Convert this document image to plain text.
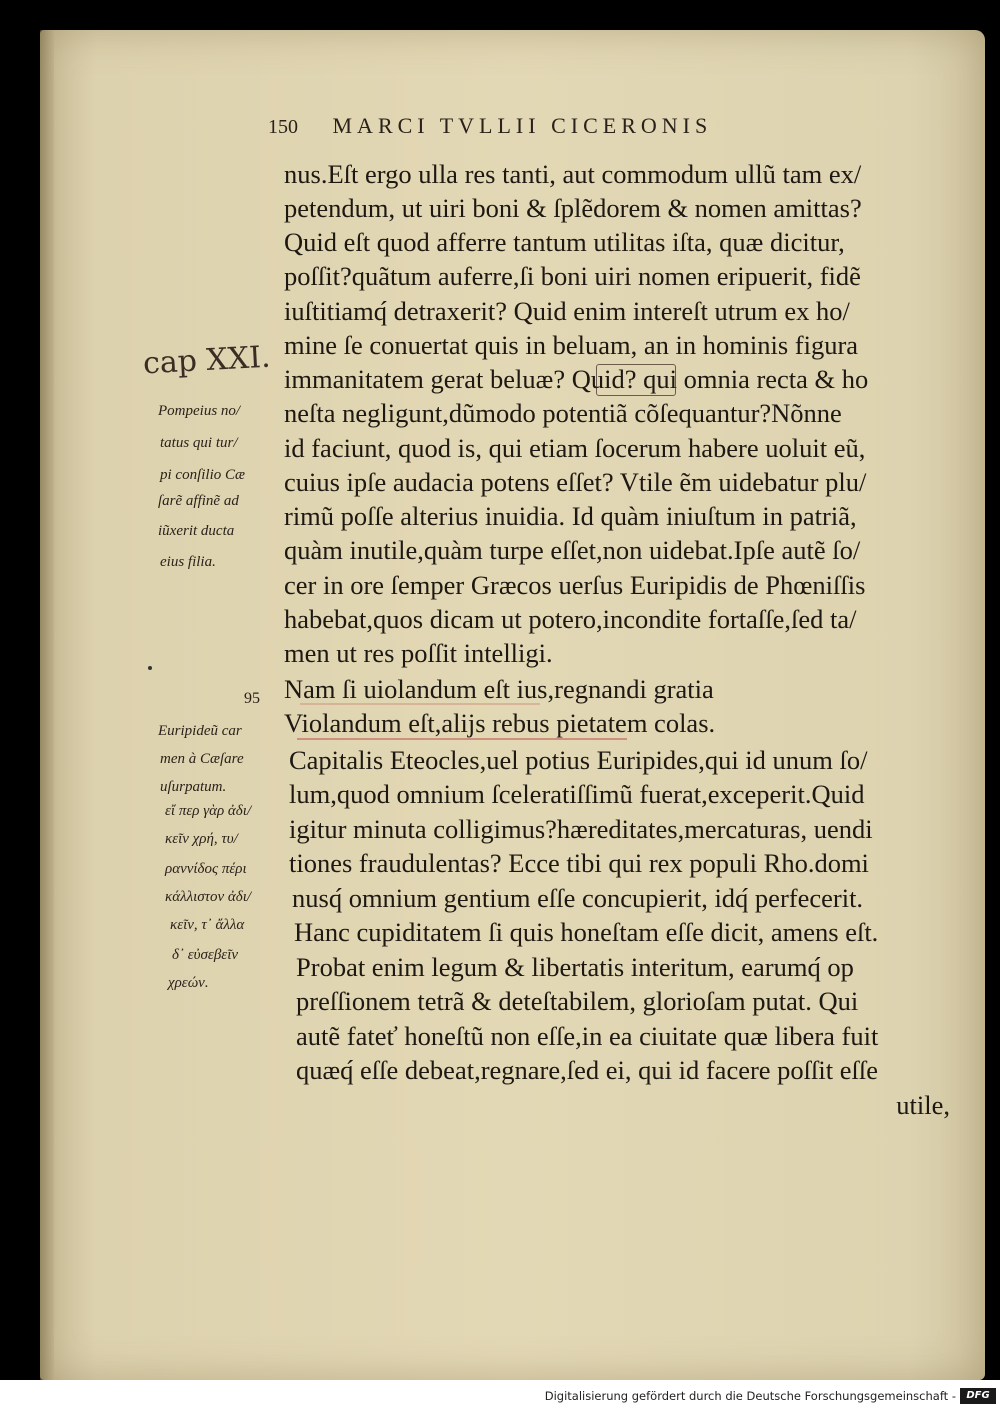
150 MARCI TVLLII CICERONIS
nus.Eſt ergo ulla res tanti, aut commodum ullũ tam ex/
petendum, ut uiri boni & ſplẽdorem & nomen amittas?
Quid eſt quod afferre tantum utilitas iſta, quæ dicitur,
poſſit?quãtum auferre,ſi boni uiri nomen eripuerit, fidẽ
iuſtitiamq́ detraxerit? Quid enim intereſt utrum ex ho/
mine ſe conuertat quis in beluam, an in hominis figura
immanitatem gerat beluæ? Quid? qui omnia recta & ho
neſta negligunt,dũmodo potentiã cõſequantur?Nõnne
id faciunt, quod is, qui etiam ſocerum habere uoluit eũ,
cuius ipſe audacia potens eſſet? Vtile ẽm uidebatur plu/
rimũ poſſe alterius inuidia. Id quàm iniuſtum in patriã,
quàm inutile,quàm turpe eſſet,non uidebat.Ipſe autẽ ſo/
cer in ore ſemper Græcos uerſus Euripidis de Phœniſſis
habebat,quos dicam ut potero,incondite fortaſſe,ſed ta/
men ut res poſſit intelligi.
Nam ſi uiolandum eſt ius,regnandi gratia
Violandum eſt,alijs rebus pietatem colas.
Capitalis Eteocles,uel potius Euripides,qui id unum ſo/
lum,quod omnium ſceleratiſſimũ fuerat,exceperit.Quid
igitur minuta colligimus?hæreditates,mercaturas, uendi
tiones fraudulentas? Ecce tibi qui rex populi Rho.domi
nusq́ omnium gentium eſſe concupierit, idq́ perfecerit.
Hanc cupiditatem ſi quis honeſtam eſſe dicit, amens eſt.
Probat enim legum & libertatis interitum, earumq́ op
preſſionem tetrã & deteſtabilem, glorioſam putat. Qui
autẽ fateť honeſtũ non eſſe,in ea ciuitate quæ libera fuit
quæq́ eſſe debeat,regnare,ſed ei, qui id facere poſſit eſſe
utile,
cap XXI.
Pompeius no/
tatus qui tur/
pi conſilio Cæ
ſarẽ affinẽ ad
iũxerit ducta
eius filia.
95
Euripideũ car
men à Cæſare
uſurpatum.
εἴ περ γὰρ ἀδι/
κεῖν χρή, τυ/
ραννίδος πέρι
κάλλιστον ἀδι/
κεῖν, τ᾿ ἄλλα
δ᾿ εὐσεβεῖν
χρεών.
Digitalisierung gefördert durch die Deutsche Forschungsgemeinschaft -	DFG
